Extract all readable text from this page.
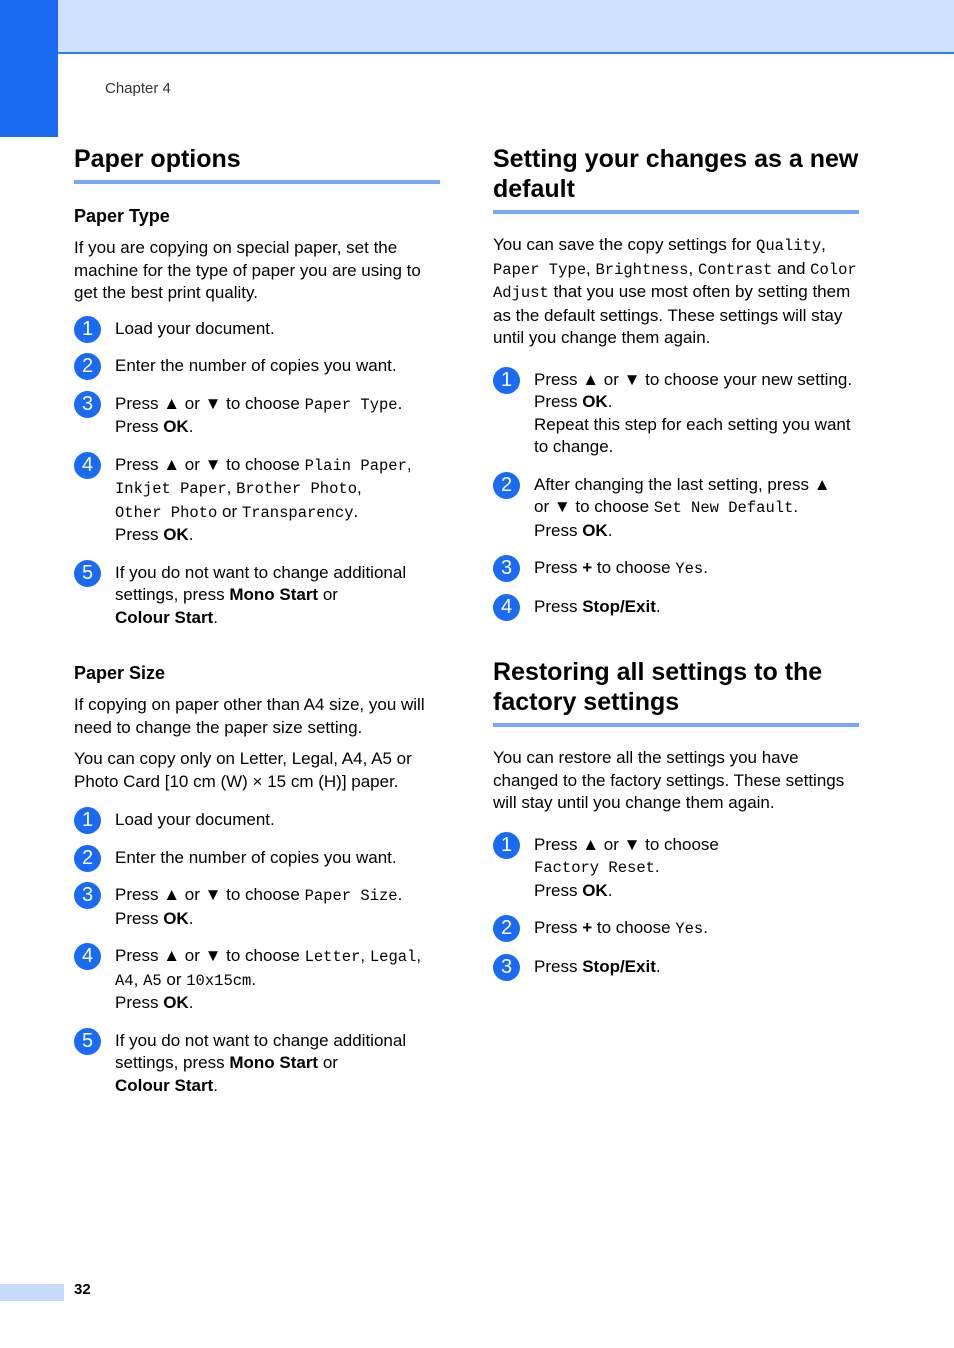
Chapter 4
Paper options
Paper Type

If you are copying on special paper, set the machine for the type of paper you are using to get the best print quality.

1	Load your document.
2	Enter the number of copies you want.
3	Press ▲ or ▼ to choose Paper Type.
Press OK.
4	Press ▲ or ▼ to choose Plain Paper,
Inkjet Paper, Brother Photo,
Other Photo or Transparency.
Press OK.
5	If you do not want to change additional settings, press Mono Start or
Colour Start.
Paper Size

If copying on paper other than A4 size, you will need to change the paper size setting.

You can copy only on Letter, Legal, A4, A5 or Photo Card [10 cm (W) × 15 cm (H)] paper.

1	Load your document.
2	Enter the number of copies you want.
3	Press ▲ or ▼ to choose Paper Size.
Press OK.
4	Press ▲ or ▼ to choose Letter, Legal,
A4, A5 or 10x15cm.
Press OK.
5	If you do not want to change additional settings, press Mono Start or
Colour Start.
Setting your changes as a new default

You can save the copy settings for Quality, Paper Type, Brightness, Contrast and Color Adjust that you use most often by setting them as the default settings. These settings will stay until you change them again.

1	Press ▲ or ▼ to choose your new setting.
Press OK.
Repeat this step for each setting you want to change.
2	After changing the last setting, press ▲
or ▼ to choose Set New Default.
Press OK.
3	Press + to choose Yes.
4	Press Stop/Exit.
Restoring all settings to the factory settings

You can restore all the settings you have changed to the factory settings. These settings will stay until you change them again.

1	Press ▲ or ▼ to choose
Factory Reset.
Press OK.
2	Press + to choose Yes.
3	Press Stop/Exit.
32
